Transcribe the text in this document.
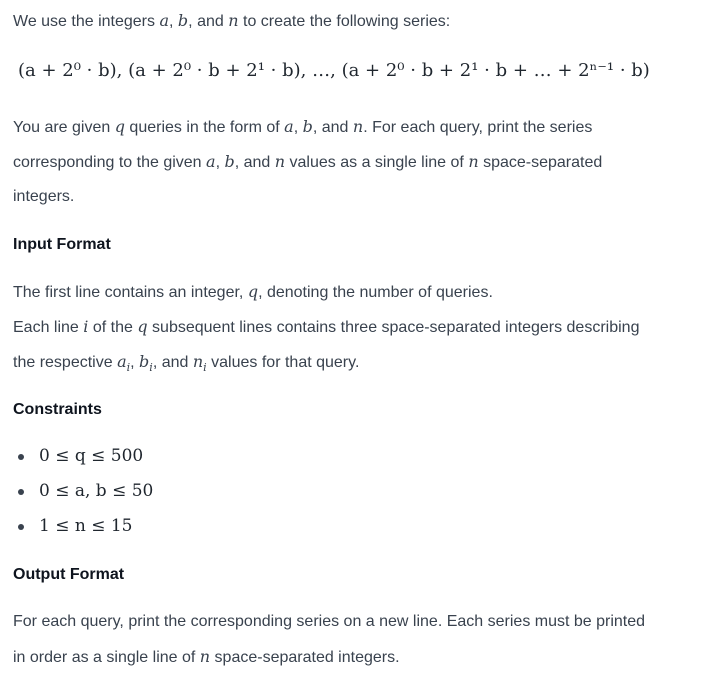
We use the integers a, b, and n to create the following series:
(a + 2⁰ · b), (a + 2⁰ · b + 2¹ · b), …, (a + 2⁰ · b + 2¹ · b + … + 2ⁿ⁻¹ · b)
You are given q queries in the form of a, b, and n. For each query, print the series
corresponding to the given a, b, and n values as a single line of n space-separated
integers.
Input Format
The first line contains an integer, q, denoting the number of queries.
Each line i of the q subsequent lines contains three space-separated integers describing
the respective $a_i$, $b_i$, and $n_i$ values for that query.
Constraints
0 ≤ q ≤ 500
0 ≤ a, b ≤ 50
1 ≤ n ≤ 15
Output Format
For each query, print the corresponding series on a new line. Each series must be printed
in order as a single line of n space-separated integers.
